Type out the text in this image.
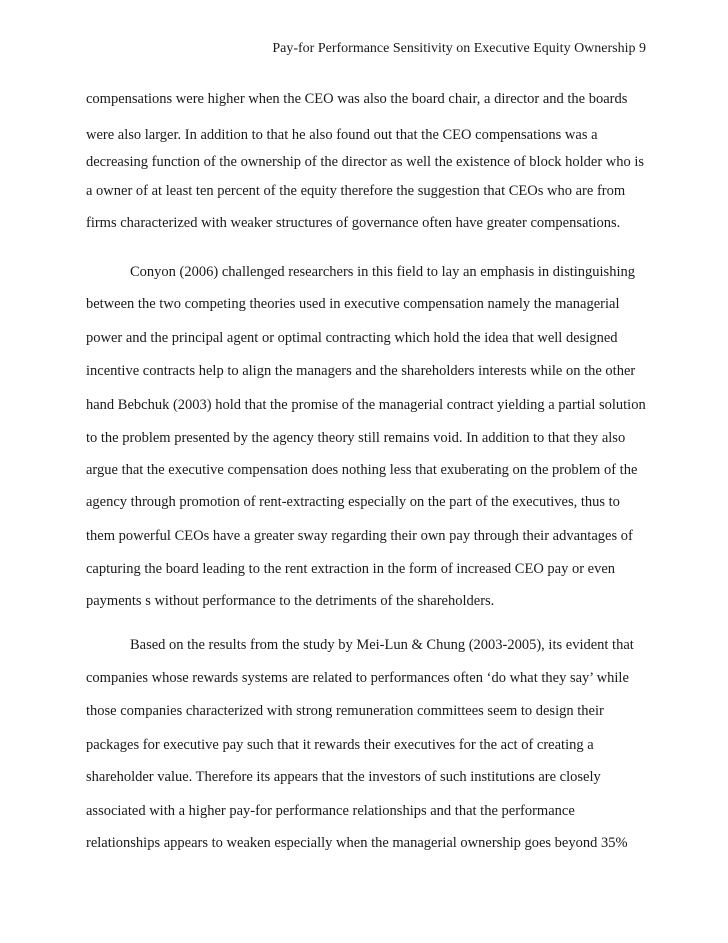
Pay-for Performance Sensitivity on Executive Equity Ownership 9
compensations were higher when the CEO was also the board chair, a director and the boards
were also larger. In addition to that he also found out that the CEO compensations was a
decreasing function of the ownership of the director as well the existence of block holder who is
a owner of at least ten percent of the equity therefore the suggestion that CEOs who are from
firms characterized with weaker structures of governance often have greater compensations.
Conyon (2006) challenged researchers in this field to lay an emphasis in distinguishing
between the two competing theories used in executive compensation namely the managerial
power and the principal agent or optimal contracting which hold the idea that well designed
incentive contracts help to align the managers and the shareholders interests while on the other
hand Bebchuk (2003) hold that the promise of the managerial contract yielding a partial solution
to the problem presented by the agency theory still remains void. In addition to that they also
argue that the executive compensation does nothing less that exuberating on the problem of the
agency through promotion of rent-extracting especially on the part of the executives, thus to
them powerful CEOs have a greater sway regarding their own pay through their advantages of
capturing the board leading to the rent extraction in the form of increased CEO pay or even
payments s without performance to the detriments of the shareholders.
Based on the results from the study by Mei-Lun & Chung (2003-2005), its evident that
companies whose rewards systems are related to performances often ‘do what they say’ while
those companies characterized with strong remuneration committees seem to design their
packages for executive pay such that it rewards their executives for the act of creating a
shareholder value. Therefore its appears that the investors of such institutions are closely
associated with a higher pay-for performance relationships and that the performance
relationships appears to weaken especially when the managerial ownership goes beyond 35%
